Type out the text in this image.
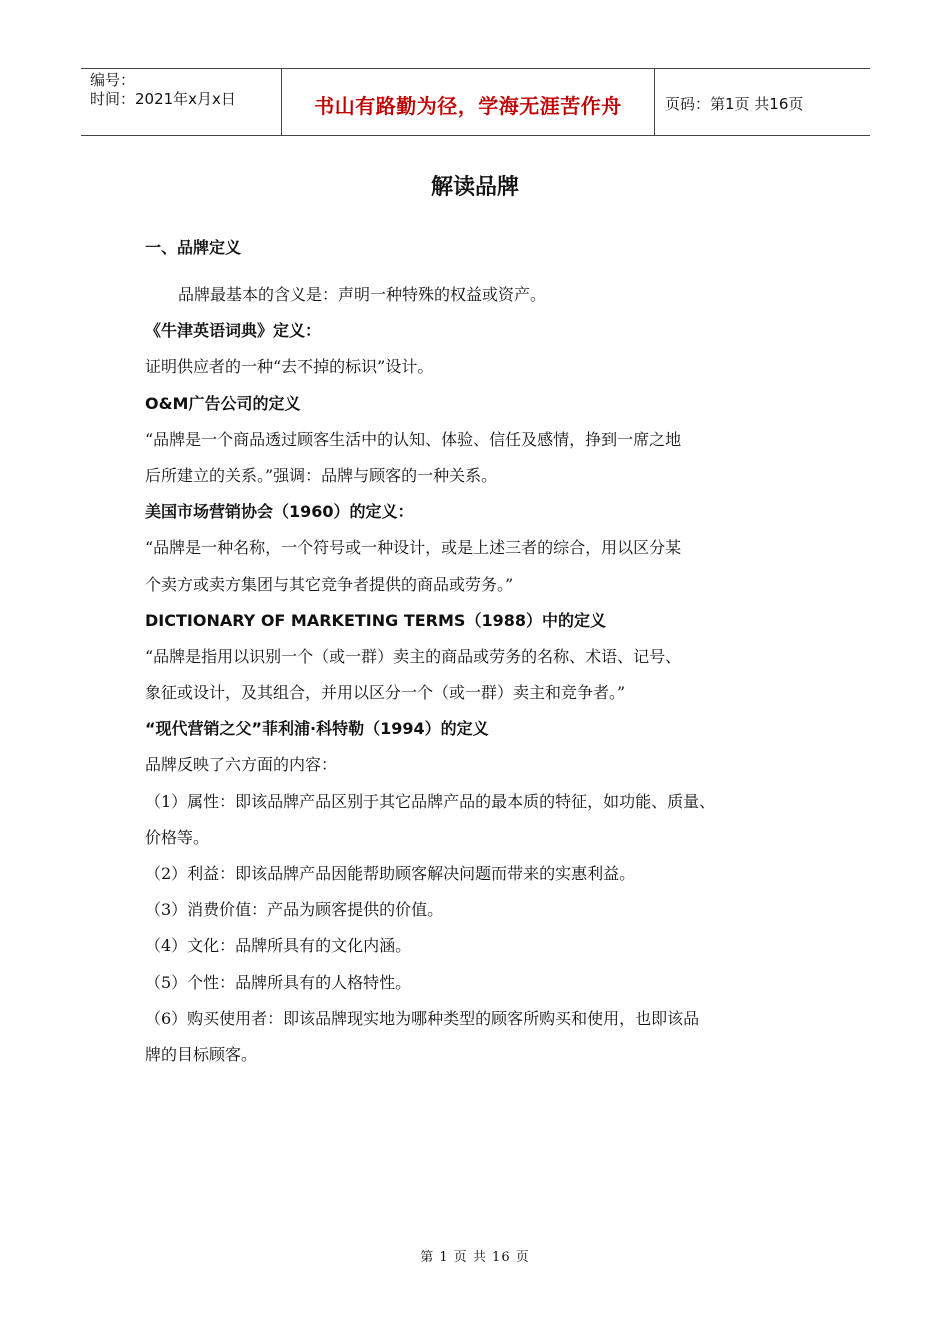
编号：
时间：2021年x月x日	书山有路勤为径，学海无涯苦作舟	页码：第1页 共16页
解读品牌
一、品牌定义
品牌最基本的含义是：声明一种特殊的权益或资产。
《牛津英语词典》定义：
证明供应者的一种“去不掉的标识”设计。
O&M广告公司的定义
“品牌是一个商品透过顾客生活中的认知、体验、信任及感情，挣到一席之地
后所建立的关系。”强调：品牌与顾客的一种关系。
美国市场营销协会（1960）的定义：
“品牌是一种名称，一个符号或一种设计，或是上述三者的综合，用以区分某
个卖方或卖方集团与其它竞争者提供的商品或劳务。”
DICTIONARY OF MARKETING TERMS（1988）中的定义
“品牌是指用以识别一个（或一群）卖主的商品或劳务的名称、术语、记号、
象征或设计，及其组合，并用以区分一个（或一群）卖主和竞争者。”
“现代营销之父”菲利浦·科特勒（1994）的定义
品牌反映了六方面的内容：
（1）属性：即该品牌产品区别于其它品牌产品的最本质的特征，如功能、质量、
价格等。
（2）利益：即该品牌产品因能帮助顾客解决问题而带来的实惠利益。
（3）消费价值：产品为顾客提供的价值。
（4）文化：品牌所具有的文化内涵。
（5）个性：品牌所具有的人格特性。
（6）购买使用者：即该品牌现实地为哪种类型的顾客所购买和使用，也即该品
牌的目标顾客。
第 1 页 共 16 页
